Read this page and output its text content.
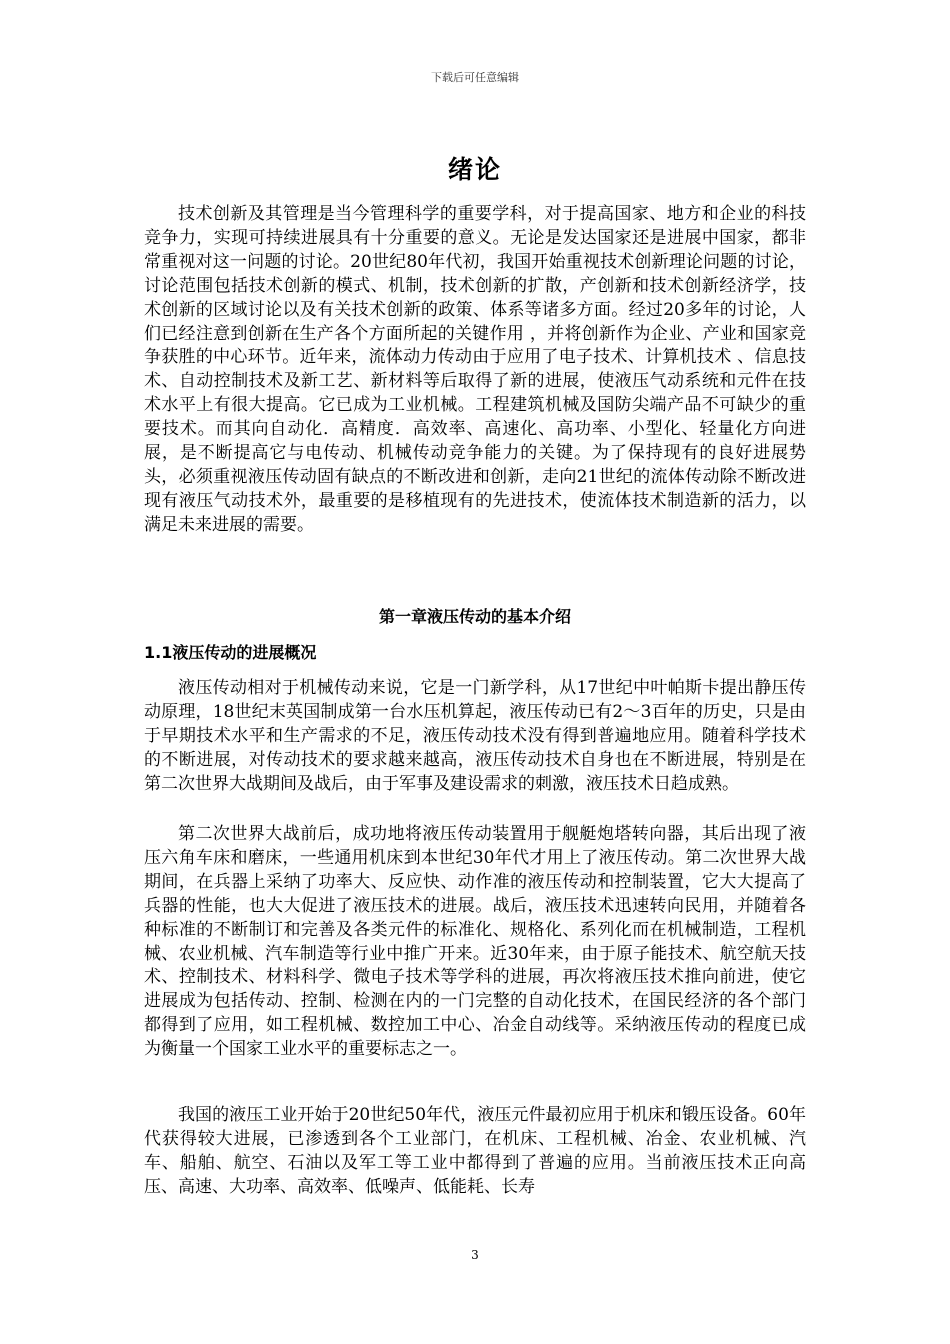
下载后可任意编辑
绪论

技术创新及其管理是当今管理科学的重要学科，对于提高国家、地方和企业的科技竞争力，实现可持续进展具有十分重要的意义。无论是发达国家还是进展中国家，都非常重视对这一问题的讨论。20世纪80年代初，我国开始重视技术创新理论问题的讨论，讨论范围包括技术创新的模式、机制，技术创新的扩散，产创新和技术创新经济学，技术创新的区域讨论以及有关技术创新的政策、体系等诸多方面。经过20多年的讨论，人们已经注意到创新在生产各个方面所起的关键作用 ，并将创新作为企业、产业和国家竞争获胜的中心环节。近年来，流体动力传动由于应用了电子技术、计算机技术 、信息技术、自动控制技术及新工艺、新材料等后取得了新的进展，使液压气动系统和元件在技术水平上有很大提高。它已成为工业机械。工程建筑机械及国防尖端产品不可缺少的重要技术。而其向自动化．高精度．高效率、高速化、高功率、小型化、轻量化方向进展，是不断提高它与电传动、机械传动竞争能力的关键。为了保持现有的良好进展势头，必须重视液压传动固有缺点的不断改进和创新，走向21世纪的流体传动除不断改进现有液压气动技术外，最重要的是移植现有的先进技术，使流体技术制造新的活力，以满足未来进展的需要。

第一章液压传动的基本介绍
1.1液压传动的进展概况

液压传动相对于机械传动来说，它是一门新学科，从17世纪中叶帕斯卡提出静压传动原理，18世纪末英国制成第一台水压机算起，液压传动已有2～3百年的历史，只是由于早期技术水平和生产需求的不足，液压传动技术没有得到普遍地应用。随着科学技术的不断进展，对传动技术的要求越来越高，液压传动技术自身也在不断进展，特别是在第二次世界大战期间及战后，由于军事及建设需求的刺激，液压技术日趋成熟。

第二次世界大战前后，成功地将液压传动装置用于舰艇炮塔转向器，其后出现了液压六角车床和磨床，一些通用机床到本世纪30年代才用上了液压传动。第二次世界大战期间，在兵器上采纳了功率大、反应快、动作准的液压传动和控制装置，它大大提高了兵器的性能，也大大促进了液压技术的进展。战后，液压技术迅速转向民用，并随着各种标准的不断制订和完善及各类元件的标准化、规格化、系列化而在机械制造，工程机械、农业机械、汽车制造等行业中推广开来。近30年来，由于原子能技术、航空航天技术、控制技术、材料科学、微电子技术等学科的进展，再次将液压技术推向前进，使它进展成为包括传动、控制、检测在内的一门完整的自动化技术，在国民经济的各个部门都得到了应用，如工程机械、数控加工中心、冶金自动线等。采纳液压传动的程度已成为衡量一个国家工业水平的重要标志之一。

我国的液压工业开始于20世纪50年代，液压元件最初应用于机床和锻压设备。60年代获得较大进展，已渗透到各个工业部门，在机床、工程机械、冶金、农业机械、汽车、船舶、航空、石油以及军工等工业中都得到了普遍的应用。当前液压技术正向高压、高速、大功率、高效率、低噪声、低能耗、长寿

3
